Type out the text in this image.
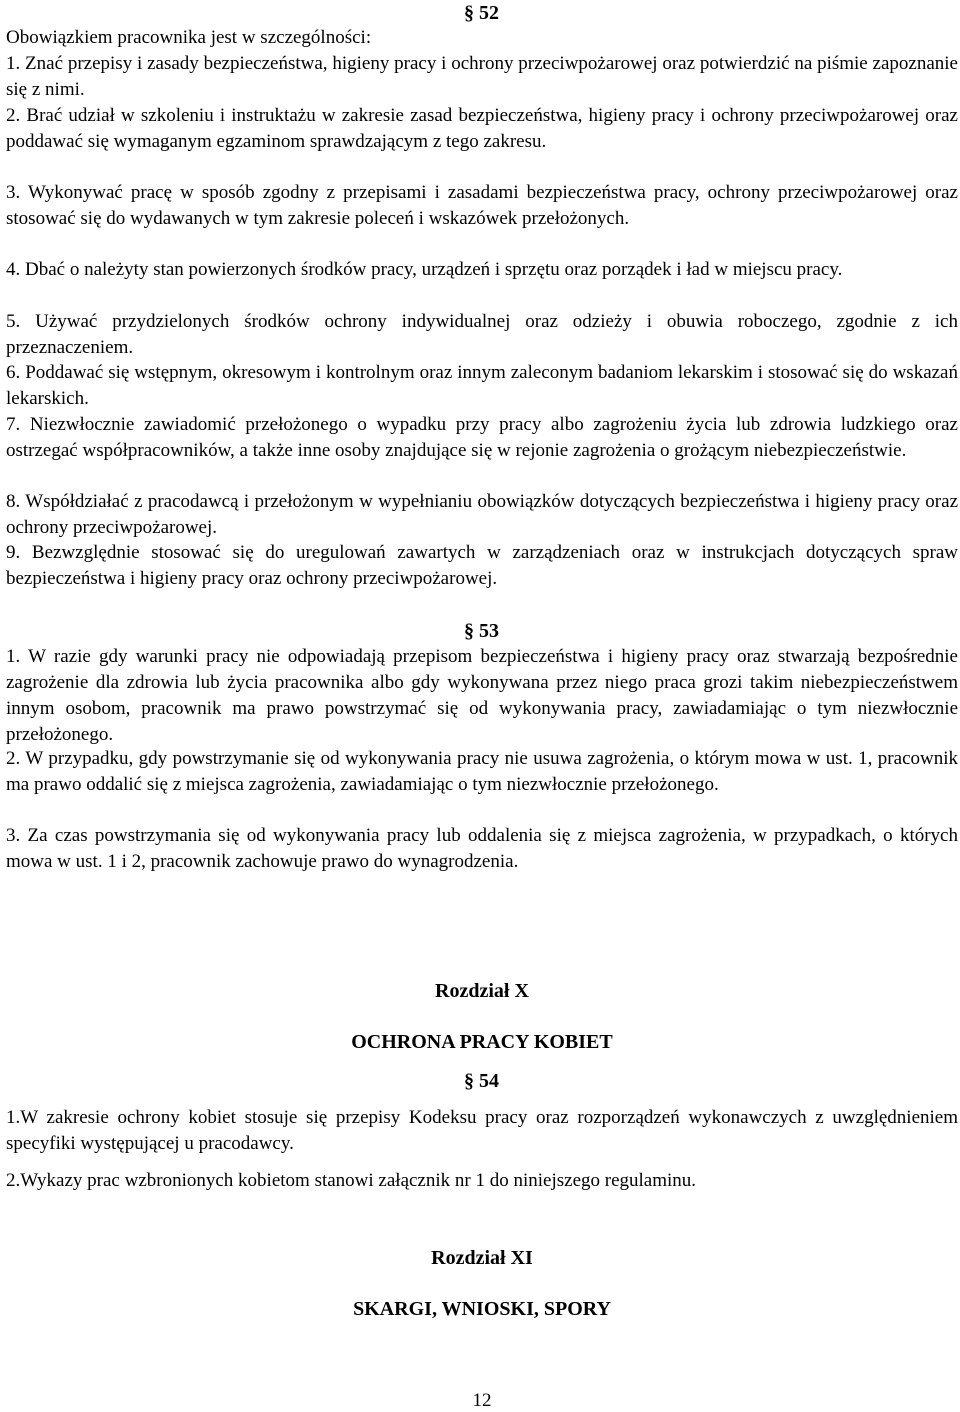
§ 52
Obowiązkiem pracownika jest w szczególności:
1. Znać przepisy i zasady bezpieczeństwa, higieny pracy i ochrony przeciwpożarowej oraz potwierdzić na piśmie zapoznanie się z nimi.
2. Brać udział w szkoleniu i instruktażu w zakresie zasad bezpieczeństwa, higieny pracy i ochrony przeciwpożarowej oraz poddawać się wymaganym egzaminom sprawdzającym z tego zakresu.
3. Wykonywać pracę w sposób zgodny z przepisami i zasadami bezpieczeństwa pracy, ochrony przeciwpożarowej oraz stosować się do wydawanych w tym zakresie poleceń i wskazówek przełożonych.
4. Dbać o należyty stan powierzonych środków pracy, urządzeń i sprzętu oraz porządek i ład w miejscu pracy.
5. Używać przydzielonych środków ochrony indywidualnej oraz odzieży i obuwia roboczego, zgodnie z ich przeznaczeniem.
6. Poddawać się wstępnym, okresowym i kontrolnym oraz innym zaleconym badaniom lekarskim i stosować się do wskazań lekarskich.
7. Niezwłocznie zawiadomić przełożonego o wypadku przy pracy albo zagrożeniu życia lub zdrowia ludzkiego oraz ostrzegać współpracowników, a także inne osoby znajdujące się w rejonie zagrożenia o grożącym niebezpieczeństwie.
8. Współdziałać z pracodawcą i przełożonym w wypełnianiu obowiązków dotyczących bezpieczeństwa i higieny pracy oraz ochrony przeciwpożarowej.
9. Bezwzględnie stosować się do uregulowań zawartych w zarządzeniach oraz w instrukcjach dotyczących spraw bezpieczeństwa i higieny pracy oraz ochrony przeciwpożarowej.
§ 53
1. W razie gdy warunki pracy nie odpowiadają przepisom bezpieczeństwa i higieny pracy oraz stwarzają bezpośrednie zagrożenie dla zdrowia lub życia pracownika albo gdy wykonywana przez niego praca grozi takim niebezpieczeństwem innym osobom, pracownik ma prawo powstrzymać się od wykonywania pracy, zawiadamiając o tym niezwłocznie przełożonego.
2. W przypadku, gdy powstrzymanie się od wykonywania pracy nie usuwa zagrożenia, o którym mowa w ust. 1, pracownik ma prawo oddalić się z miejsca zagrożenia, zawiadamiając o tym niezwłocznie przełożonego.
3. Za czas powstrzymania się od wykonywania pracy lub oddalenia się z miejsca zagrożenia, w przypadkach, o których mowa w ust. 1 i 2, pracownik zachowuje prawo do wynagrodzenia.
Rozdział X
OCHRONA PRACY KOBIET
§ 54
1.W zakresie ochrony kobiet stosuje się przepisy Kodeksu pracy oraz rozporządzeń wykonawczych z uwzględnieniem specyfiki występującej u pracodawcy.
2.Wykazy prac wzbronionych kobietom stanowi załącznik nr 1 do niniejszego regulaminu.
Rozdział XI
SKARGI, WNIOSKI, SPORY
12
